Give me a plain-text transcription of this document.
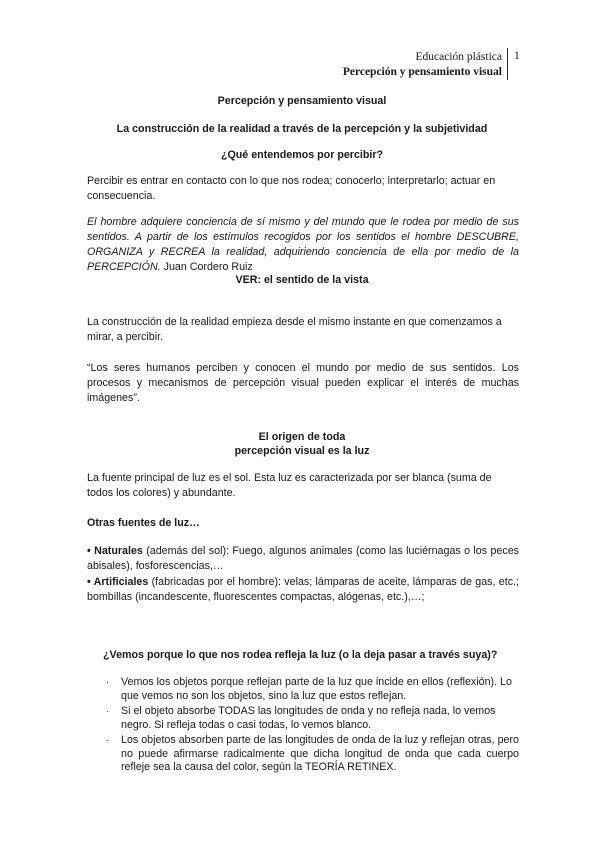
Educación plástica
Percepción y pensamiento visual
1
Percepción y pensamiento visual
La construcción de la realidad a través de la percepción y la subjetividad
¿Qué entendemos por percibir?
Percibir es entrar en contacto con lo que nos rodea; conocerlo; interpretarlo; actuar en consecuencia.
El hombre adquiere conciencia de sí mismo y del mundo que le rodea por medio de sus sentidos. A partir de los estímulos recogidos por los sentidos el hombre DESCUBRE, ORGANIZA y RECREA la realidad, adquiriendo conciencia de ella por medio de la PERCEPCIÓN. Juan Cordero Ruiz
VER: el sentido de la vista
La construcción de la realidad empieza desde el mismo instante en que comenzamos a mirar, a percibir.
“Los seres humanos perciben y conocen el mundo por medio de sus sentidos. Los procesos y mecanismos de percepción visual pueden explicar el interés de muchas imágenes”.
El origen de toda
percepción visual es la luz
La fuente principal de luz es el sol. Esta luz es caracterizada por ser blanca (suma de todos los colores) y abundante.
Otras fuentes de luz…
• Naturales (además del sol): Fuego, algunos animales (como las luciérnagas o los peces abisales), fosforescencias,…
• Artificiales (fabricadas por el hombre): velas; lámparas de aceite, lámparas de gas, etc.; bombillas (incandescente, fluorescentes compactas, alógenas, etc.),…;
¿Vemos porque lo que nos rodea refleja la luz (o la deja pasar a través suya)?
· Vemos los objetos porque reflejan parte de la luz que incide en ellos (reflexión). Lo que vemos no son los objetos, sino la luz que estos reflejan.
· Si el objeto absorbe TODAS las longitudes de onda y no refleja nada, lo vemos negro. Si refleja todas o casi todas, lo vemos blanco.
· Los objetos absorben parte de las longitudes de onda de la luz y reflejan otras, pero no puede afirmarse radicalmente que dicha longitud de onda que cada cuerpo refleje sea la causa del color, según la TEORÍA RETINEX.
